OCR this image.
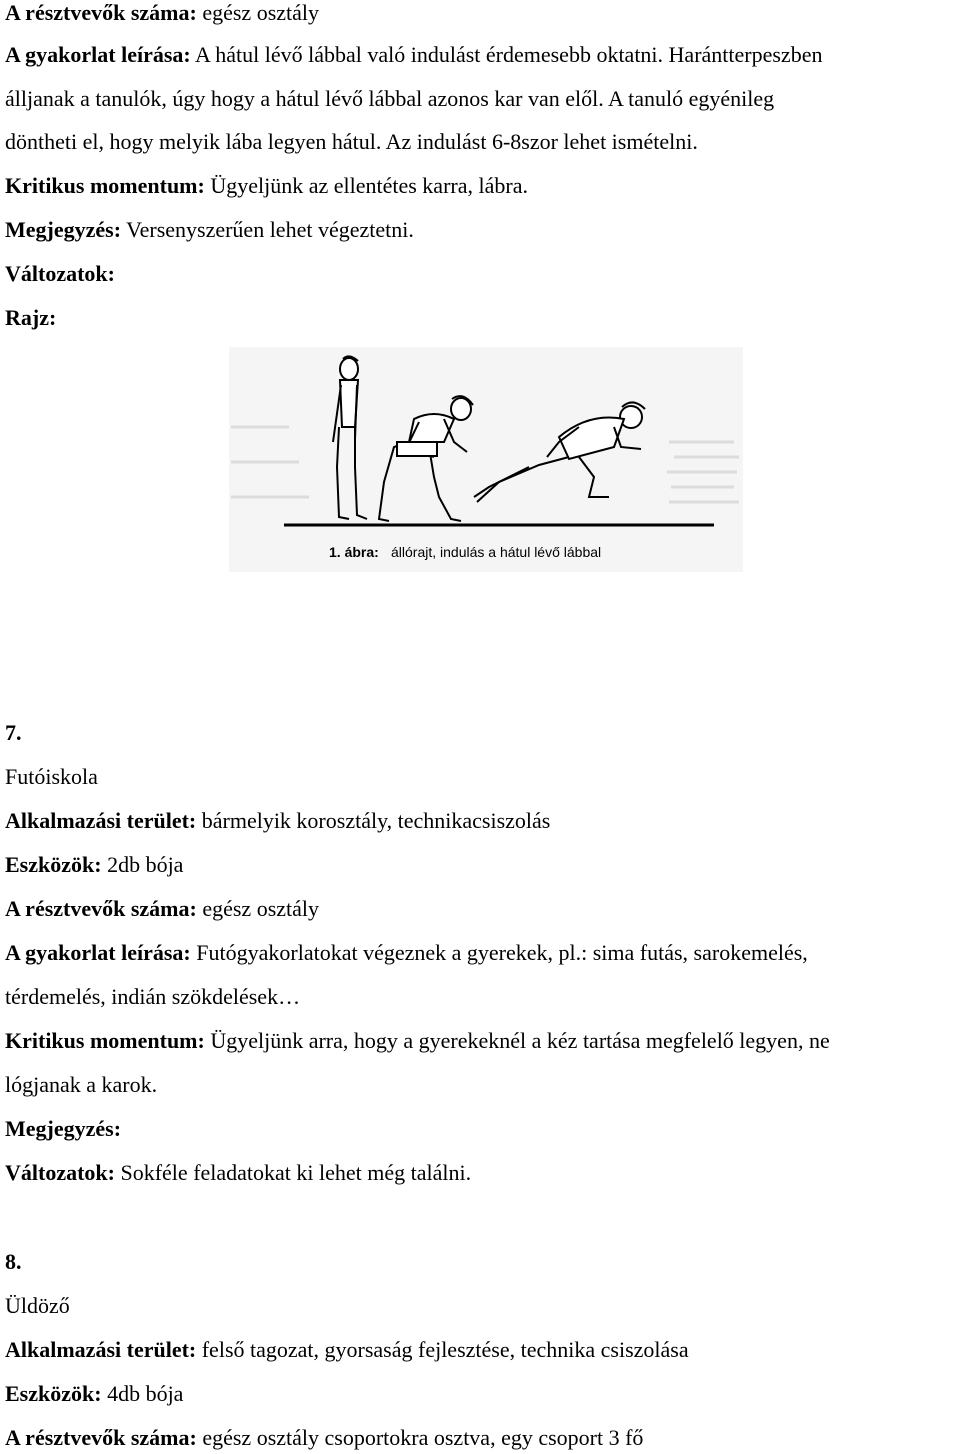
A résztvevők száma: egész osztály
A gyakorlat leírása: A hátul lévő lábbal való indulást érdemesebb oktatni. Harántterpeszben
álljanak a tanulók, úgy hogy a hátul lévő lábbal azonos kar van elől. A tanuló egyénileg
döntheti el, hogy melyik lába legyen hátul. Az indulást 6-8szor lehet ismételni.
Kritikus momentum: Ügyeljünk az ellentétes karra, lábra.
Megjegyzés: Versenyszerűen lehet végeztetni.
Változatok:
Rajz:
1. ábra: állórajt, indulás a hátul lévő lábbal
7.
Futóiskola
Alkalmazási terület: bármelyik korosztály, technikacsiszolás
Eszközök: 2db bója
A résztvevők száma: egész osztály
A gyakorlat leírása: Futógyakorlatokat végeznek a gyerekek, pl.: sima futás, sarokemelés,
térdemelés, indián szökdelések…
Kritikus momentum: Ügyeljünk arra, hogy a gyerekeknél a kéz tartása megfelelő legyen, ne
lógjanak a karok.
Megjegyzés:
Változatok: Sokféle feladatokat ki lehet még találni.
8.
Üldöző
Alkalmazási terület: felső tagozat, gyorsaság fejlesztése, technika csiszolása
Eszközök: 4db bója
A résztvevők száma: egész osztály csoportokra osztva, egy csoport 3 fő
